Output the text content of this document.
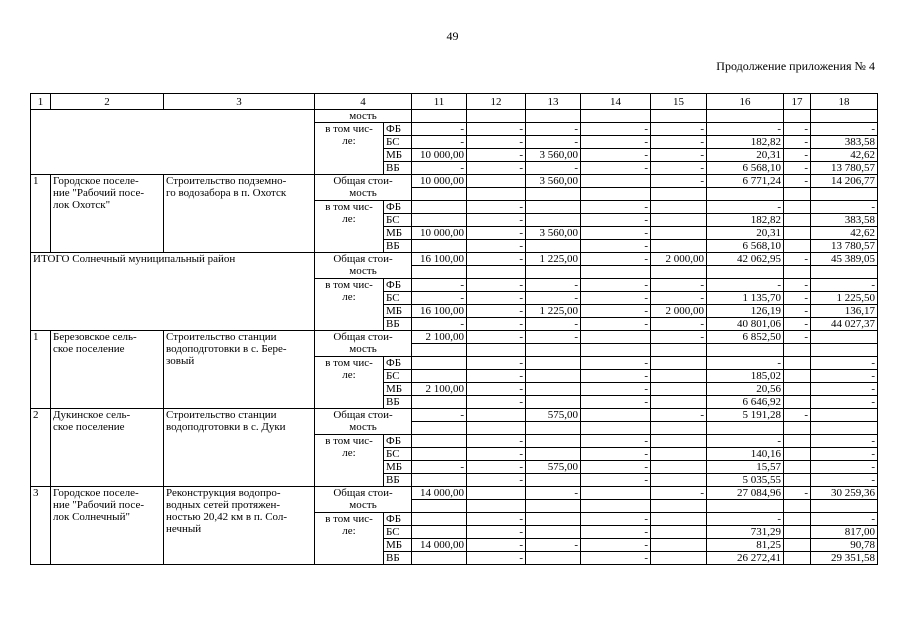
49
Продолжение приложения № 4
1	2	3	4		11	12	13	14	15	16	17	18
			мость									

			в том чис-
ле:	ФБ	-	-	-	-	-	-	-	-
				БС	-	-	-	-	-	182,82	-	383,58
				МБ	10 000,00	-	3 560,00	-	-	20,31	-	42,62
				ВБ	-	-	-	-	-	6 568,10	-	13 780,57
1	Городское поселе-
ние "Рабочий посе-
лок Охотск"	Строительство подземно-
го водозабора в п. Охотск	Общая стои-
мость		10 000,00		3 560,00		-	6 771,24	-	14 206,77

			в том чис-
ле:	ФБ		-		-		-		-
				БС		-		-		182,82		383,58
				МБ	10 000,00	-	3 560,00	-		20,31		42,62
				ВБ		-		-		6 568,10		13 780,57
ИТОГО Солнечный муниципальный район			Общая стои-
мость		16 100,00	-	1 225,00	-	2 000,00	42 062,95	-	45 389,05

			в том чис-
ле:	ФБ	-	-	-	-	-	-	-	-
				БС	-	-	-	-	-	1 135,70	-	1 225,50
				МБ	16 100,00	-	1 225,00	-	2 000,00	126,19	-	136,17
				ВБ	-	-	-	-	-	40 801,06	-	44 027,37
1	Березовское сель-
ское поселение	Строительство станции
водоподготовки в с. Бере-
зовый	Общая стои-
мость		2 100,00	-	-		-	6 852,50	-	

			в том чис-
ле:	ФБ		-		-		-		-
				БС		-		-		185,02		-
				МБ	2 100,00	-		-		20,56		-
				ВБ		-		-		6 646,92		-
2	Дукинское сель-
ское поселение	Строительство станции
водоподготовки в с. Дуки	Общая стои-
мость		-		575,00		-	5 191,28	-	

			в том чис-
ле:	ФБ		-		-		-		-
				БС		-		-		140,16		-
				МБ	-	-	575,00	-		15,57		-
				ВБ		-		-		5 035,55		-
3	Городское поселе-
ние "Рабочий посе-
лок Солнечный"	Реконструкция водопро-
водных сетей протяжен-
ностью 20,42 км в п. Сол-
нечный	Общая стои-
мость		14 000,00		-		-	27 084,96	-	30 259,36

			в том чис-
ле:	ФБ		-		-		-		-
				БС		-		-		731,29		817,00
				МБ	14 000,00	-	-	-		81,25		90,78
				ВБ		-		-		26 272,41		29 351,58
